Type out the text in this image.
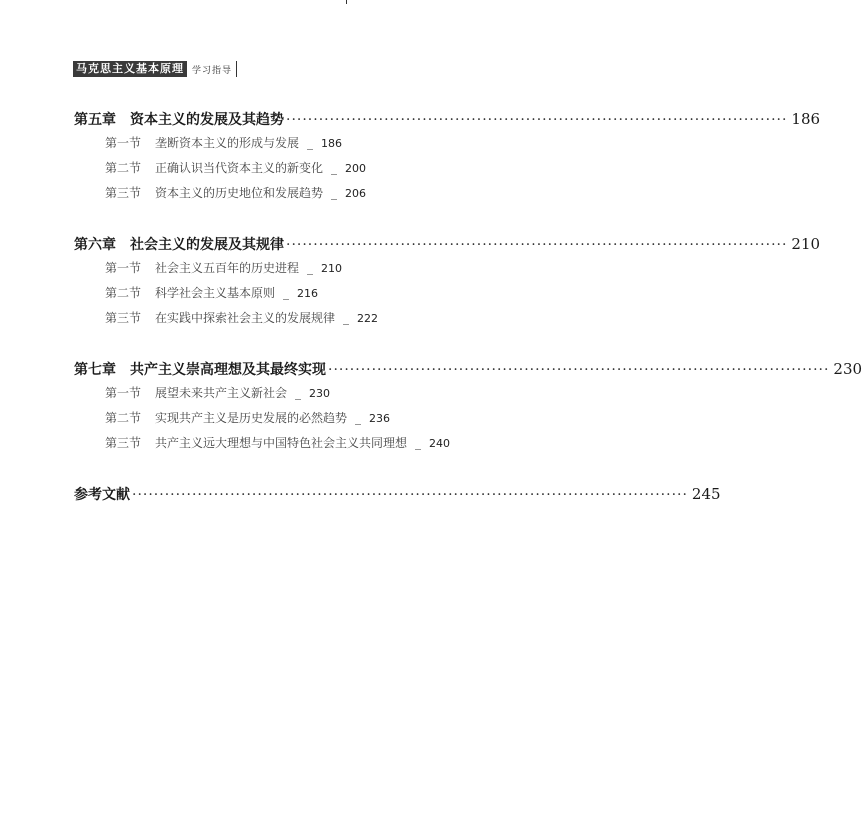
马克思主义基本原理 学习指导
第五章 资本主义的发展及其趋势 ···························································································· 186
第一节 垄断资本主义的形成与发展 _ 186
第二节 正确认识当代资本主义的新变化 _ 200
第三节 资本主义的历史地位和发展趋势 _ 206
第六章 社会主义的发展及其规律 ···························································································· 210
第一节 社会主义五百年的历史进程 _ 210
第二节 科学社会主义基本原则 _ 216
第三节 在实践中探索社会主义的发展规律 _ 222
第七章 共产主义崇高理想及其最终实现 ···························································································· 230
第一节 展望未来共产主义新社会 _ 230
第二节 实现共产主义是历史发展的必然趋势 _ 236
第三节 共产主义远大理想与中国特色社会主义共同理想 _ 240
参考文献 ······································································································ 245
